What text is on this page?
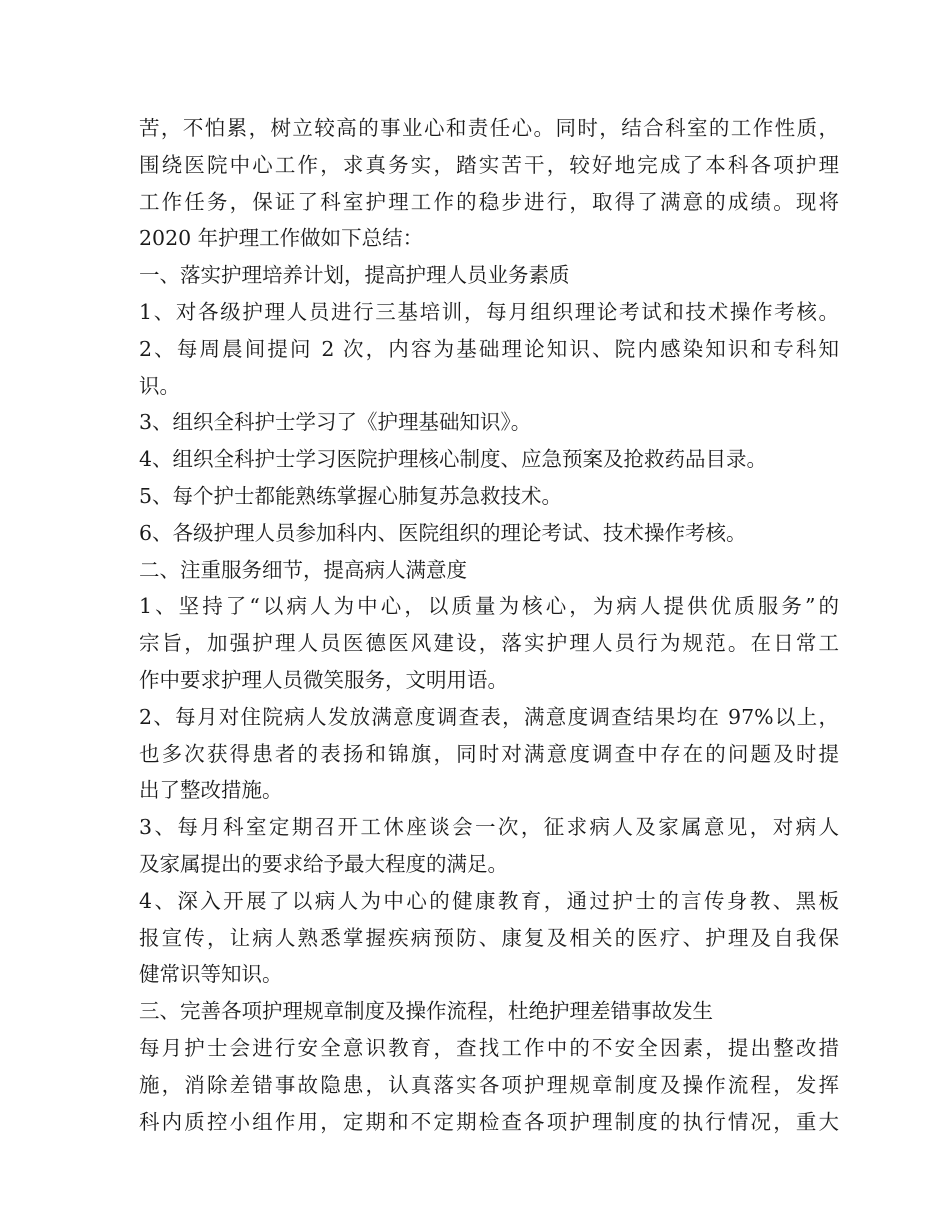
苦，不怕累，树立较高的事业心和责任心。同时，结合科室的工作性质，
围绕医院中心工作，求真务实，踏实苦干，较好地完成了本科各项护理
工作任务，保证了科室护理工作的稳步进行，取得了满意的成绩。现将
2020 年护理工作做如下总结：
一、落实护理培养计划，提高护理人员业务素质
1、对各级护理人员进行三基培训，每月组织理论考试和技术操作考核。
2、每周晨间提问 2 次，内容为基础理论知识、院内感染知识和专科知
识。
3、组织全科护士学习了《护理基础知识》。
4、组织全科护士学习医院护理核心制度、应急预案及抢救药品目录。
5、每个护士都能熟练掌握心肺复苏急救技术。
6、各级护理人员参加科内、医院组织的理论考试、技术操作考核。
二、注重服务细节，提高病人满意度
1、坚持了“以病人为中心，以质量为核心，为病人提供优质服务”的
宗旨，加强护理人员医德医风建设，落实护理人员行为规范。在日常工
作中要求护理人员微笑服务，文明用语。
2、每月对住院病人发放满意度调查表，满意度调查结果均在 97%以上，
也多次获得患者的表扬和锦旗，同时对满意度调查中存在的问题及时提
出了整改措施。
3、每月科室定期召开工休座谈会一次，征求病人及家属意见，对病人
及家属提出的要求给予最大程度的满足。
4、深入开展了以病人为中心的健康教育，通过护士的言传身教、黑板
报宣传，让病人熟悉掌握疾病预防、康复及相关的医疗、护理及自我保
健常识等知识。
三、完善各项护理规章制度及操作流程，杜绝护理差错事故发生
每月护士会进行安全意识教育，查找工作中的不安全因素，提出整改措
施，消除差错事故隐患，认真落实各项护理规章制度及操作流程，发挥
科内质控小组作用，定期和不定期检查各项护理制度的执行情况，重大
